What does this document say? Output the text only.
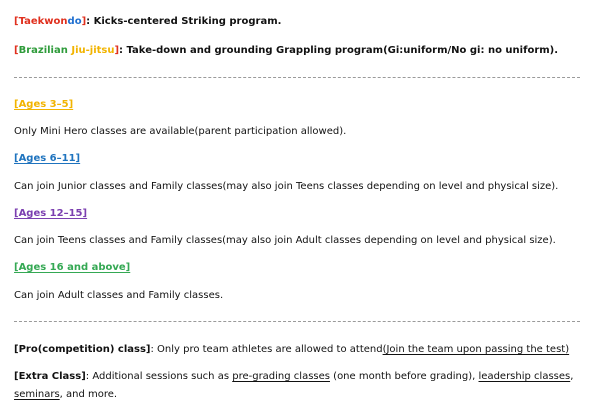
[Taekwondo]: Kicks-centered Striking program.
[Brazilian Jiu-jitsu]: Take-down and grounding Grappling program(Gi:uniform/No gi: no uniform).
[Ages 3–5]
Only Mini Hero classes are available(parent participation allowed).
[Ages 6–11]
Can join Junior classes and Family classes(may also join Teens classes depending on level and physical size).
[Ages 12–15]
Can join Teens classes and Family classes(may also join Adult classes depending on level and physical size).
[Ages 16 and above]
Can join Adult classes and Family classes.
[Pro(competition) class]: Only pro team athletes are allowed to attend(Join the team upon passing the test)
[Extra Class]: Additional sessions such as pre-grading classes (one month before grading), leadership classes,
seminars, and more.
